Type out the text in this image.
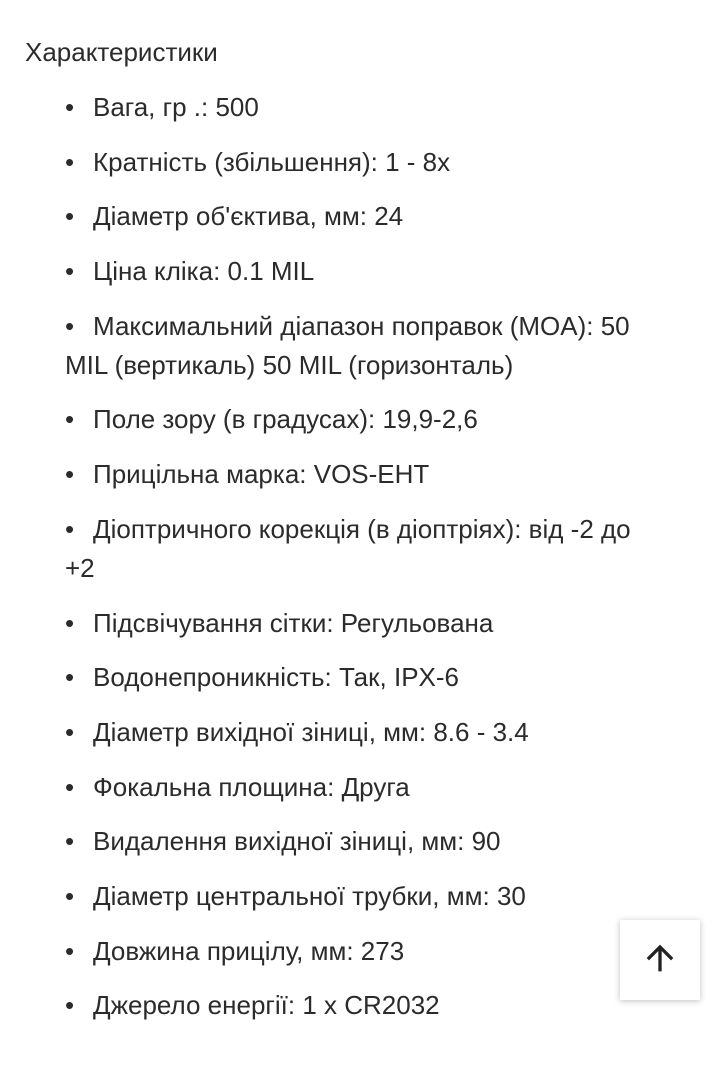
Характеристики
• Вага, гр .: 500
• Кратність (збільшення): 1 - 8x
• Діаметр об'єктива, мм: 24
• Ціна кліка: 0.1 MIL
• Максимальний діапазон поправок (MOA): 50 MIL (вертикаль) 50 MIL (горизонталь)
• Поле зору (в градусах): 19,9-2,6
• Прицільна марка: VOS-EHT
• Діоптричного корекція (в діоптріях): від -2 до +2
• Підсвічування сітки: Регульована
• Водонепроникність: Так, IPX-6
• Діаметр вихідної зіниці, мм: 8.6 - 3.4
• Фокальна площина: Друга
• Видалення вихідної зіниці, мм: 90
• Діаметр центральної трубки, мм: 30
• Довжина прицілу, мм: 273
• Джерело енергії: 1 x CR2032
